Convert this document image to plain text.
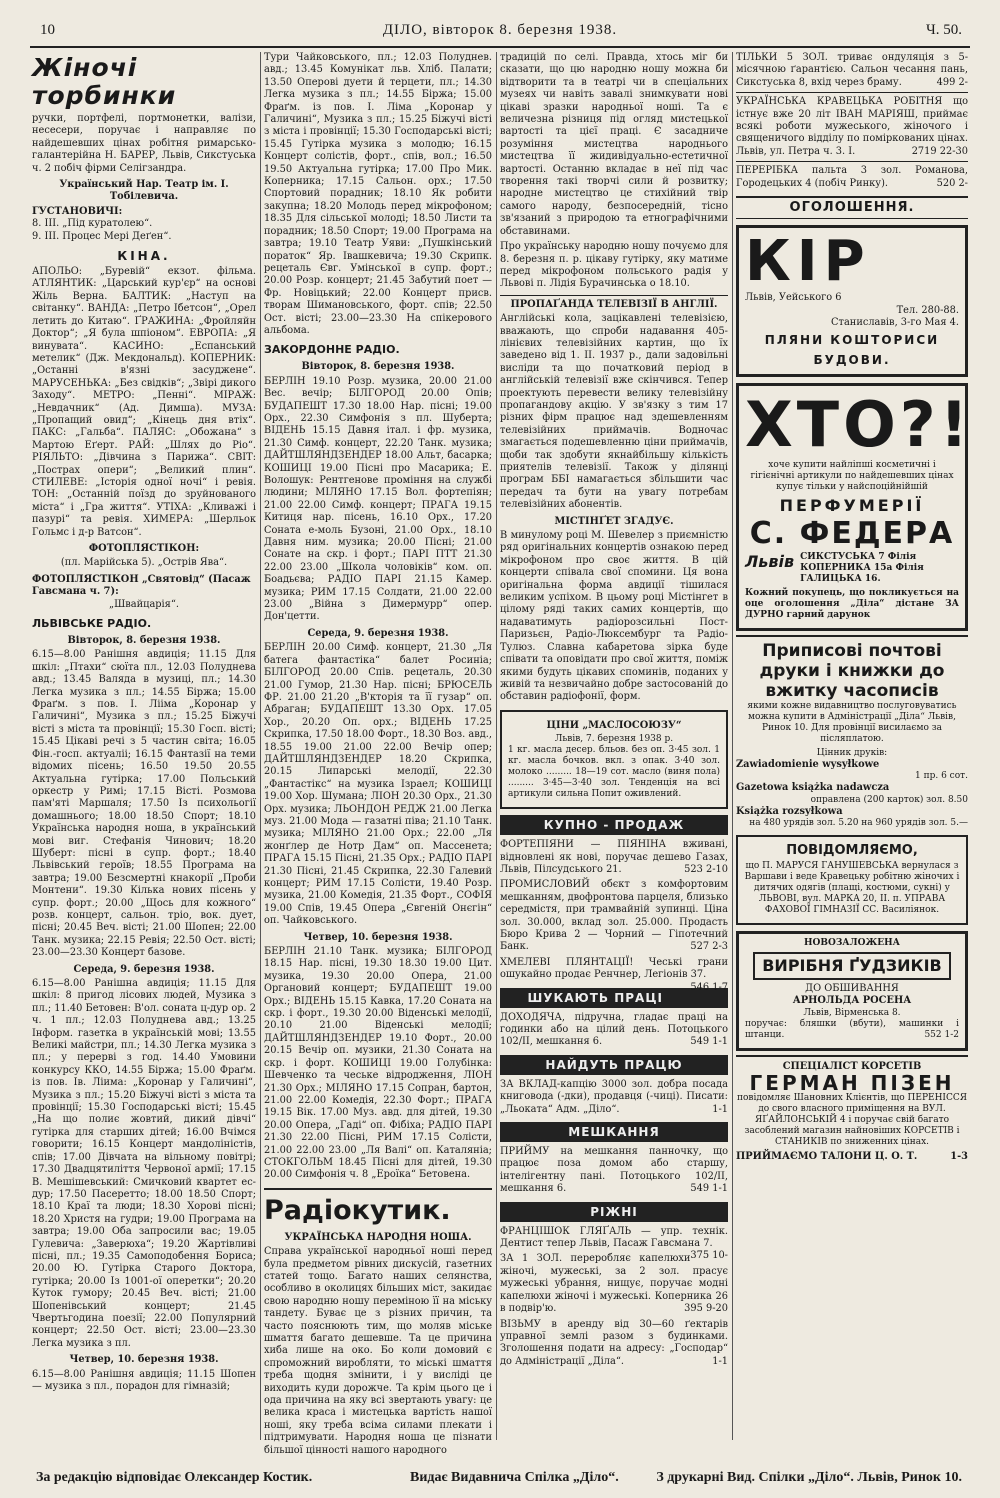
10	ДІЛО, вівторок 8. березня 1938.	Ч. 50.
Жіночі торбинки

ручки, портфелі, портмонетки, валізи, несесери, поручає і направляє по найдешевших цінах робітня римарсько-галантерійна Н. БАРЕР, Львів, Сикстуська ч. 2 побіч фірми Селігзандра.

Український Нар. Театр ім. І. Тобілевича.
ГУСТАНОВИЧІ:
8. III. „Під куратолею“.
9. III. Процес Мері Деґен“.
КІНА.

АПОЛЬО: „Буревій“ екзот. фільма. АТЛЯНТИК: „Царський кур'єр“ на основі Жіль Верна. БАЛТИК: „Наступ на світанку“. ВАНДА: „Петро Ібетсон“, „Орел летить до Китаю“. ҐРАЖИНА: „Фройляйн Доктор“; „Я була шпіоном“. ЕВРОПА: „Я винувата“. КАСИНО: „Еспанський метелик“ (Дж. Мекдональд). КОПЕРНИК: „Останні в'язні засуджене“. МАРУСЕНЬКА: „Без свідків“; „Звірі дикого Заходу“. МЕТРО: „Пенні“. МІРАЖ: „Невдачник“ (Ад. Димша). МУЗА: „Пропащий овид“; „Кінець дня втіх“. ПАКС: „Гальба“. ПАЛЯС: „Обожана“ з Мартою Еґерт. РАЙ: „Шлях до Ріо“. РІЯЛЬТО: „Дівчина з Парижа“. СВІТ: „Пострах опери“; „Великий плин“. СТИЛЕВЕ: „Історія одної ночі“ і ревія. ТОН: „Останній поїзд до зруйнованого міста“ і „Гра життя“. УТІХА: „Кливажі і пазурі“ та ревія. ХИМЕРА: „Шерльок Гольмс і д-р Ватсон“.

ФОТОПЛЯСТІКОН:
(пл. Марійська 5). „Острів Ява“.
ФОТОПЛЯСТІКОН „Святовід“ (Пасаж Гавсмана ч. 7):
„Швайцарія“.
ЛЬВІВСЬКЕ РАДІО.
Вівторок, 8. березня 1938.

6.15—8.00 Ранішня авдиція; 11.15 Для шкіл: „Птахи“ сюїта пл., 12.03 Полуднева авд.; 13.45 Валяда в музиці, пл.; 14.30 Легка музика з пл.; 14.55 Біржа; 15.00 Фраґм. з пов. І. Лііма „Коронар у Галичині“, Музика з пл.; 15.25 Біжучі вісті з міста та провінції; 15.30 Госп. вісті; 15.45 Цікаві речі з 5 частин світа; 16.05 Фін.-госп. актуаліі; 16.15 Фантазії на теми відомих пісень; 16.50 19.50 20.55 Актуальна гутірка; 17.00 Польський оркестр у Римі; 17.15 Вісті. Розмова пам'яті Маршаля; 17.50 Із психольогії домашнього; 18.00 18.50 Спорт; 18.10 Українська народня ноша, в український мові виг. Стефанія Чинович; 18.20 Шуберт: пісні в супр. форт.; 18.40 Львівський героїв; 18.55 Програма на завтра; 19.00 Безсмертні кнакорії „Проби Монтени“. 19.30 Кілька нових пісень у супр. форт.; 20.00 „Щось для кожного“ розв. концерт, сальон. тріо, вок. дует, пісні; 20.45 Веч. вісті; 21.00 Шопен; 22.00 Танк. музика; 22.15 Ревія; 22.50 Ост. вісті; 23.00—23.30 Концерт базове.

Середа, 9. березня 1938.

6.15—8.00 Ранішна авдиція; 11.15 Для шкіл: 8 пригод лісових людей, Музика з пл.; 11.40 Бетовен: В'ол. соната ц-дур ор. 2 ч. 1 пл.; 12.03 Полуднева авд.; 13.25 Інформ. газетка в українській мові; 13.55 Великі майстри, пл.; 14.30 Легка музика з пл.; у перерві з год. 14.40 Умовини конкурсу ККО, 14.55 Біржа; 15.00 Фраґм. із пов. Ів. Ліима: „Коронар у Галичині“, Музика з пл.; 15.20 Біжучі вісті з міста та провінції; 15.30 Господарські вісті; 15.45 „На що полиє жовтий, дикий дівчі“ гутірка для старших дітей; 16.00 Вчімся говорити; 16.15 Концерт мандоліністів, спів; 17.00 Дівчата на вільному повітрі; 17.30 Двадцятиліття Червоної армії; 17.15 В. Мешішевський: Смичковий квартет ес-дур; 17.50 Пасеретто; 18.00 18.50 Спорт; 18.10 Краї та люди; 18.30 Хорові пісні; 18.20 Христя на гудри; 19.00 Програма на завтра; 19.00 Оба запросили вас; 19.05 Гулевича: „Заверюха“; 19.20 Жартівливі пісні, пл.; 19.35 Самоподобення Бориса; 20.00 Ю. Гутірка Старого Доктора, гутірка; 20.00 Із 1001-ої оперетки“; 20.20 Куток гумору; 20.45 Веч. вісті; 21.00 Шопенівський концерт; 21.45 Чвертьгодина поезії; 22.00 Популярний концерт; 22.50 Ост. вісті; 23.00—23.30 Легка музика з пл.

Четвер, 10. березня 1938.

6.15—8.00 Ранішня авдиція; 11.15 Шопен — музика з пл., порадон для гімназій;

Тури Чайковського, пл.; 12.03 Полуднев. авд.; 13.45 Комунікат льв. Хліб. Палати; 13.50 Оперові дуети й терцети, пл.; 14.30 Легка музика з пл.; 14.55 Біржа; 15.00 Фраґм. із пов. І. Ліма „Коронар у Галичині“, Музика з пл.; 15.25 Біжучі вісті з міста і провінції; 15.30 Господарські вісті; 15.45 Гутірка музика з молодю; 16.15 Концерт солістів, форт., спів, вол.; 16.50 19.50 Актуальна гутірка; 17.00 Про Мик. Коперника; 17.15 Сальон. орх.; 17.50 Спортовий порадник; 18.10 Як робити закупна; 18.20 Молодь перед мікрофоном; 18.35 Для сільської молоді; 18.50 Листи та порадник; 18.50 Спорт; 19.00 Програма на завтра; 19.10 Театр Уяви: „Пушкінський пораток“ Яр. Івашкевича; 19.30 Скрипк. рецеталь Євг. Умінської в супр. форт.; 20.00 Розр. концерт; 21.45 Забутий поет — Фр. Новіцький; 22.00 Концерт присв. творам Шимановського, форт. спів; 22.50 Ост. вісті; 23.00—23.30 На спікерового альбома.

ЗАКОРДОННЕ РАДІО.
Вівторок, 8. березня 1938.

БЕРЛІН 19.10 Розр. музика, 20.00 21.00 Вес. вечір; БІЛГОРОД 20.00 Опів; БУДАПЕШТ 17.30 18.00 Нар. пісні; 19.00 Орх., 22.30 Симфонія з пл. Шуберта; ВІДЕНЬ 15.15 Давня італ. і фр. музика, 21.30 Симф. концерт, 22.20 Танк. музика; ДАЙТШЛЯНДЗЕНДЕР 18.00 Альт, басарка; КОШИЦІ 19.00 Пісні про Масарика; Е. Волошук: Рентгенове проміння на службі людини; МІЛЯНО 17.15 Вол. фортепіян; 21.00 22.00 Симф. концерт; ПРАГА 19.15 Китиця нар. пісень, 16.10 Орх., 17.20 Соната е-моль Бузоні, 21.00 Орх., 18.10 Давня ним. музика; 20.00 Пісні; 21.00 Сонате на скр. і форт.; ПАРІ ПТТ 21.30 22.00 23.00 „Школа чоловіків“ ком. оп. Боадьєва; РАДІО ПАРІ 21.15 Камер. музика; РИМ 17.15 Солдати, 21.00 22.00 23.00 „Війна з Димермурр“ опер. Дон'цетти.

Середа, 9. березня 1938.

БЕРЛІН 20.00 Симф. концерт, 21.30 „Ля батега фантастіка“ балет Росиніа; БІЛГОРОД 20.00 Спів. рецеталь, 20.30 21.00 Гумор, 21.30 Нар. пісні; БРЮСЕЛЬ ФР. 21.00 21.20 „В'кторія та її гузар“ оп. Абраган; БУДАПЕШТ 13.30 Орх. 17.05 Хор., 20.20 Оп. орх.; ВІДЕНЬ 17.25 Скрипка, 17.50 18.00 Форт., 18.30 Воз. авд., 18.55 19.00 21.00 22.00 Вечір опер; ДАЙТШЛЯНДЗЕНДЕР 18.20 Скрипка, 20.15 Липарські мелодії, 22.30 „Фантастікс“ на музика Ізраел; КОШИЦІ 19.00 Хор. Шумана; ЛІОН 20.30 Орх., 21.30 Орх. музика; ЛЬОНДОН РЕДЖ 21.00 Легка муз. 21.00 Мода — газатні піва; 21.10 Танк. музика; МІЛЯНО 21.00 Орх.; 22.00 „Ля жонґлер де Нотр Дам“ оп. Массенета; ПРАГА 15.15 Пісні, 21.35 Орх.; РАДІО ПАРІ 21.30 Пісні, 21.45 Скрипка, 22.30 Галевий концерт; РИМ 17.15 Солісти, 19.40 Розр. музика, 21.00 Комедія, 21.35 Форт., СОФІЯ 19.00 Спів, 19.45 Опера „Євгеній Онєгін“ оп. Чайковського.

Четвер, 10. березня 1938.

БЕРЛІН 21.10 Танк. музика; БІЛГОРОД 18.15 Нар. пісні, 19.30 18.30 19.00 Цит. музика, 19.30 20.00 Опера, 21.00 Органовий концерт; БУДАПЕШТ 19.00 Орх.; ВІДЕНЬ 15.15 Кавка, 17.20 Соната на скр. і форт., 19.30 20.00 Віденські мелодії, 20.10 21.00 Віденські мелодії; ДАЙТШЛЯНДЗЕНДЕР 19.10 Форт., 20.00 20.15 Вечір оп. музики, 21.30 Соната на скр. і форт. КОШИЦІ 19.00 Голубінка: Шевченко та чеське відродження, ЛІОН 21.30 Орх.; МІЛЯНО 17.15 Сопран, бартон, 21.00 22.00 Комедія, 22.30 Форт.; ПРАГА 19.15 Вік. 17.00 Муз. авд. для дітей, 19.30 20.00 Опера, „Гаді“ оп. Фібіха; РАДІО ПАРІ 21.30 22.00 Пісні, РИМ 17.15 Солісти, 21.00 22.00 23.00 „Ля Валі“ оп. Каталяніа; СТОКГОЛЬМ 18.45 Пісні для дітей, 19.30 20.00 Симфонія ч. 8 „Ероїка“ Бетовена.

Радіокутик.
УКРАЇНСЬКА НАРОДНЯ НОША.

Справа української народньої ноші перед була предметом рівних дискусій, газетних статей тощо. Багато наших селянства, особливо в околицях більших міст, закидає свою народню ношу переміною її на міську тандету. Буває це з різних причин, та часто пояснюють тим, що моляв міське шмаття багато дешевше. Та це причина хиба лише на око. Бо коли домовий є спроможний виробляти, то міські шмаття треба щодня змінити, і у висліді це виходить куди дорожче. Та крім цього це і ода причина на яку всі звертають увагу: це велика краса і мистецька вартість нашої ноші, яку треба всіма силами плекати і підтримувати. Народня ноша це пізнати більшої цінності нашого народного

традицій по селі. Правда, хтось міг би сказати, що цю народню ношу можна би відтворити та в театрі чи в спеціальних музеях чи навіть завалі знимкувати нові цікаві зразки народньої ноші. Та є величезна різниця під огляд мистецької вартості та цієї праці. Є засадниче розуміння мистецтва народнього мистецтва її жидивідуально-естетичної вартості. Останню вкладає в неї під час творення такі творчі сили й розвитку; народне мистецтво це стихійний твір самого народу, безпосередній, тісно зв'язаний з природою та етнографічними обставинами.

Про українську народню ношу почуємо для 8. березня п. р. цікаву гутірку, яку матиме перед мікрофоном польського радія у Львові п. Лідія Бурачинська о 18.10.

ПРОПАҐАНДА ТЕЛЕВІЗІЇ В АНГЛІЇ.

Англійські кола, зацікавлені телевізією, вважають, що спроби надавання 405-лінієвих телевізійних картин, що їх заведено від 1. II. 1937 р., дали задовільні висліди та що початковий період в англійській телевізії вже скінчився. Тепер проектують перевести велику телевізійну пропагандову акцію. У зв'язку з тим 17 різних фірм працює над здешевленням телевізійних приймачів. Водночас змагається подешевленню ціни приймачів, щоби так здобути якнайбільшу кількість приятелів телевізії. Також у ділянці програм ББІ намагається збільшити час передач та бути на увагу потребам телевізійних абонентів.

МІСТІНҐЕТ ЗГАДУЄ.

В минулому році М. Шевелер з приємністю ряд оригінальних концертів ознакою перед мікрофоном про своє життя. В цій концерти співала свої спомини. Ця вона оригінальна форма авдиції тішилася великим успіхом. В цьому році Містінгет в цілому ряді таких самих концертів, що надаватимуть радіорозсильні Пост-Паризьєн, Радіо-Люксембург та Радіо-Тулюз. Славна кабаретова зірка буде співати та оповідати про свої життя, поміж якими будуть цікавих споминів, поданих у живій та незвичайно добре застосованій до обставин радіофонії, форм.

ЦІНИ „МАСЛОСОЮЗУ“
Львів, 7. березня 1938 р.

1 кг. масла дeсер. бльов. без оп. 3·45 зол. 1 кг. масла бочков. вкл. з опак. 3·40 зол. молоко ......... 18—19 сот. масло (виня пола) ......... 3·45—3·40 зол. Тенденція на всі артикули сильна Попит оживлений.

КУПНО - ПРОДАЖ

ФОРТЕПІЯНИ — ПІЯНІНА вживані, відновлені як нові, поручає дешево Газах, Львів, Пілсудського 21.	523 2-10

ПРОМИСЛОВИЙ обєкт з комфортовим мешканням, двофронтова парцеля, близько середмістя, при трамвайній зупинці. Ціна зол. 30.000, вклад зол. 25.000. Продасть Бюро Крива 2 — Чорний — Гіпотечний Банк.	527 2-3

ХМЕЛЕВІ ПЛЯНТАЦІЇ! Чеські грани ошукайно продає Ренчнер, Легіонів 37.
546 1-7

ШУКАЮТЬ ПРАЦІ

ДОХОДЯЧА, підручна, гладає праці на годинки або на цілий день. Потоцького 102/II, мешкання 6.	549 1-1

НАЙДУТЬ ПРАЦЮ

ЗА ВКЛАД-капцію 3000 зол. добра посада книговода (-дки), продавця (-чиці). Писати: „Льоката“ Адм. „Діло“.	1-1

МЕШКАННЯ

ПРИЙМУ на мешкання панночку, що працює поза домом або старшу, інтелігентну пані. Потоцького 102/II, мешкання 6.	549 1-1

РІЖНІ

ФРАНЦІШОК ГЛЯҐАЛЬ — упр. технік. Дентист тепер Львів, Пасаж Гавсмана 7.
375 10-

ЗА 1 ЗОЛ. переробляє капелюхи жіночі, мужеські, за 2 зол. прасує мужеські убрання, нищує, поручає модні капелюхи жіночі і мужеські. Коперника 26 в подвір'ю.	395 9-20

ВІЗЬМУ в аренду від 30—60 ґектарів управної землі разом з будинками. Зголошення подати на адресу: „Господар“ до Адміністрації „Діла“.	1-1

ТІЛЬКИ 5 ЗОЛ. триває ондуляція з 5-місячною ґарантією. Сальон чесання пань, Сикстуська 8, вхід через браму.	499 2-

УКРАЇНСЬКА КРАВЕЦЬКА РОБІТНЯ що істнує вже 20 літ ІВАН МАРІЯШ, приймає всякі роботи мужеського, жіночого і священичого відділу по поміркованих цінах. Львів, ул. Петра ч. 3. І.	2719 22-30

ПЕРЕРІБКА пальта 3 зол. Романова, Городецьких 4 (побіч Ринку).	520 2-

ОГОЛОШЕННЯ.
КІР
Львів, Уейського 6
Тел. 280-88.
Станиславів, 3-го Мая 4.
ПЛЯНИ КОШТОРИСИ БУДОВИ.
ХТО?!

хоче купити найліпші косметичні і гігієнічні артикули по найдешевших цінах купує тільки у найспоційнійшій

ПЕРФУМЕРІЇ
С. ФЕДЕРА
Львів СИКСТУСЬКА 7 Філія КОПЕРНИКА 15а Філія ГАЛИЦЬКА 16.

Кожний покупець, що покликується на оце оголошення „Діла“ дістане ЗА ДУРНО гарний дарунок

Приписові почтові друки і книжки до вжитку часописів

якими кожне видавництво послуговуватись можна купити в Адміністрації „Діла“ Львів, Ринок 10. Для провінції висилаємо за післяплатою.

Цінник друків:
Zawiadomienie wysyłkowe
1 пр. 6 сот.
Gazetowa książka nadawcza
оправлена (200 карток) зол. 8.50
Książka rozsyłkowa
на 480 урядів зол. 5.20 на 960 урядів зол. 5.—
ПОВІДОМЛЯЄМО,

що П. МАРУСЯ ГАНУШЕВСЬКА вернулася з Варшави і веде Кравецьку робітню жіночих і дитячих одягів (плащі, костюми, сукні) у ЛЬВОВІ, вул. МАРКА 20, II. п. УПРАВА ФАХОВОЇ ГІМНАЗІЇ СС. Василіянок.

НОВОЗАЛОЖЕНА
ВИРІБНЯ ҐУДЗИКІВ
ДО ОБШИВАННЯ
АРНОЛЬДА РОСЕНА
Львів, Вірменська 8.

поручає: бляшки (вбути), машинки і штанци.	552 1-2

СПЕЦІАЛІСТ КОРСЕТІВ
ГЕРМАН ПІЗЕН

повідомляє Шановних Клієнтів, що ПЕРЕНІССЯ до свого власного приміщення на ВУЛ. ЯҐАЙЛОНСЬКІЙ 4 і поручає свій багато засоблений магазин найновіших КОРСЕТІВ і СТАНИКІВ по зниженних цінах.

ПРИЙМАЄМО ТАЛОНИ Ц. О. Т.	1-3

За редакцію відповідає Олександер Костик.	Видає Видавнича Спілка „Діло“.	З друкарні Вид. Спілки „Діло“. Львів, Ринок 10.
